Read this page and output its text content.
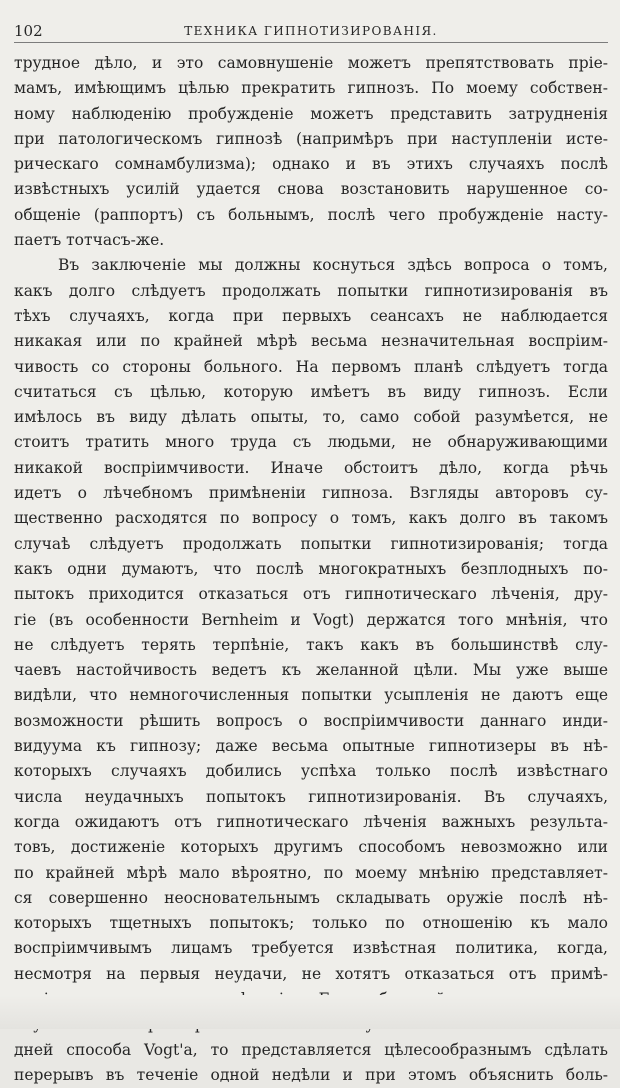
102	ТЕХНИКА ГИПНОТИЗИРОВАНІЯ.
трудное дѣло, и это самовнушеніе можетъ препятствовать пріе-
мамъ, имѣющимъ цѣлью прекратить гипнозъ. По моему собствен-
ному наблюденію пробужденіе можетъ представить затрудненія
при патологическомъ гипнозѣ (напримѣръ при наступленіи исте-
рическаго сомнамбулизма); однако и въ этихъ случаяхъ послѣ
извѣстныхъ усилій удается снова возстановить нарушенное со-
общеніе (раппортъ) съ больнымъ, послѣ чего пробужденіе насту-
паетъ тотчасъ-же.
Въ заключеніе мы должны коснуться здѣсь вопроса о томъ,
какъ долго слѣдуетъ продолжать попытки гипнотизированія въ
тѣхъ случаяхъ, когда при первыхъ сеансахъ не наблюдается
никакая или по крайней мѣрѣ весьма незначительная воспріим-
чивость со стороны больного. На первомъ планѣ слѣдуетъ тогда
считаться съ цѣлью, которую имѣетъ въ виду гипнозъ. Если
имѣлось въ виду дѣлать опыты, то, само собой разумѣется, не
стоитъ тратить много труда съ людьми, не обнаруживающими
никакой воспріимчивости. Иначе обстоитъ дѣло, когда рѣчь
идетъ о лѣчебномъ примѣненіи гипноза. Взгляды авторовъ су-
щественно расходятся по вопросу о томъ, какъ долго въ такомъ
случаѣ слѣдуетъ продолжать попытки гипнотизированія; тогда
какъ одни думаютъ, что послѣ многократныхъ безплодныхъ по-
пытокъ приходится отказаться отъ гипнотическаго лѣченія, дру-
гіе (въ особенности Bernheim и Vogt) держатся того мнѣнія, что
не слѣдуетъ терять терпѣніе, такъ какъ въ большинствѣ слу-
чаевъ настойчивость ведетъ къ желанной цѣли. Мы уже выше
видѣли, что немногочисленныя попытки усыпленія не даютъ еще
возможности рѣшить вопросъ о воспріимчивости даннаго инди-
видуума къ гипнозу; даже весьма опытные гипнотизеры въ нѣ-
которыхъ случаяхъ добились успѣха только послѣ извѣстнаго
числа неудачныхъ попытокъ гипнотизированія. Въ случаяхъ,
когда ожидаютъ отъ гипнотическаго лѣченія важныхъ результа-
товъ, достиженіе которыхъ другимъ способомъ невозможно или
по крайней мѣрѣ мало вѣроятно, по моему мнѣнію представляет-
ся совершенно неосновательнымъ складывать оружіе послѣ нѣ-
которыхъ тщетныхъ попытокъ; только по отношенію къ мало
воспріимчивымъ лицамъ требуется извѣстная политика, когда,
несмотря на первыя неудачи, не хотятъ отказаться отъ примѣ-
дней способа Vogt'а, то представляется цѣлесообразнымъ сдѣлать
перерывъ въ теченіе одной недѣли и при этомъ объяснить боль-
